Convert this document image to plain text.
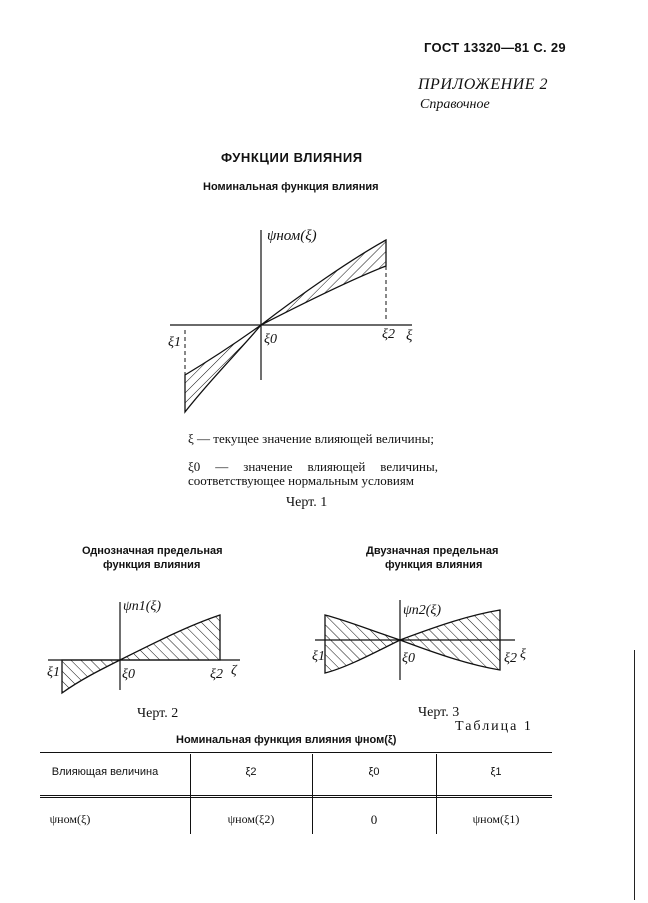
ГОСТ 13320—81 С. 29
ПРИЛОЖЕНИЕ 2
Справочное
ФУНКЦИИ ВЛИЯНИЯ
Номинальная функция влияния
ψном(ξ)
ξ
ξ1	ξ0	ξ2
ξ — текущее значение влияющей величины;
ξ0 — значение влияющей величины, соответствующее нормальным условиям
Черт. 1
Однозначная предельная
функция влияния
ψп1(ξ)
ζ
ξ1	ξ0	ξ2
Черт. 2
Двузначная предельная
функция влияния
ψп2(ξ)
ξ
ξ1	ξ0	ξ2
Черт. 3
Таблица 1
Номинальная функция влияния ψном(ξ)
Влияющая величина	ξ2	ξ0	ξ1
ψном(ξ)	ψном(ξ2)	0	ψном(ξ1)
